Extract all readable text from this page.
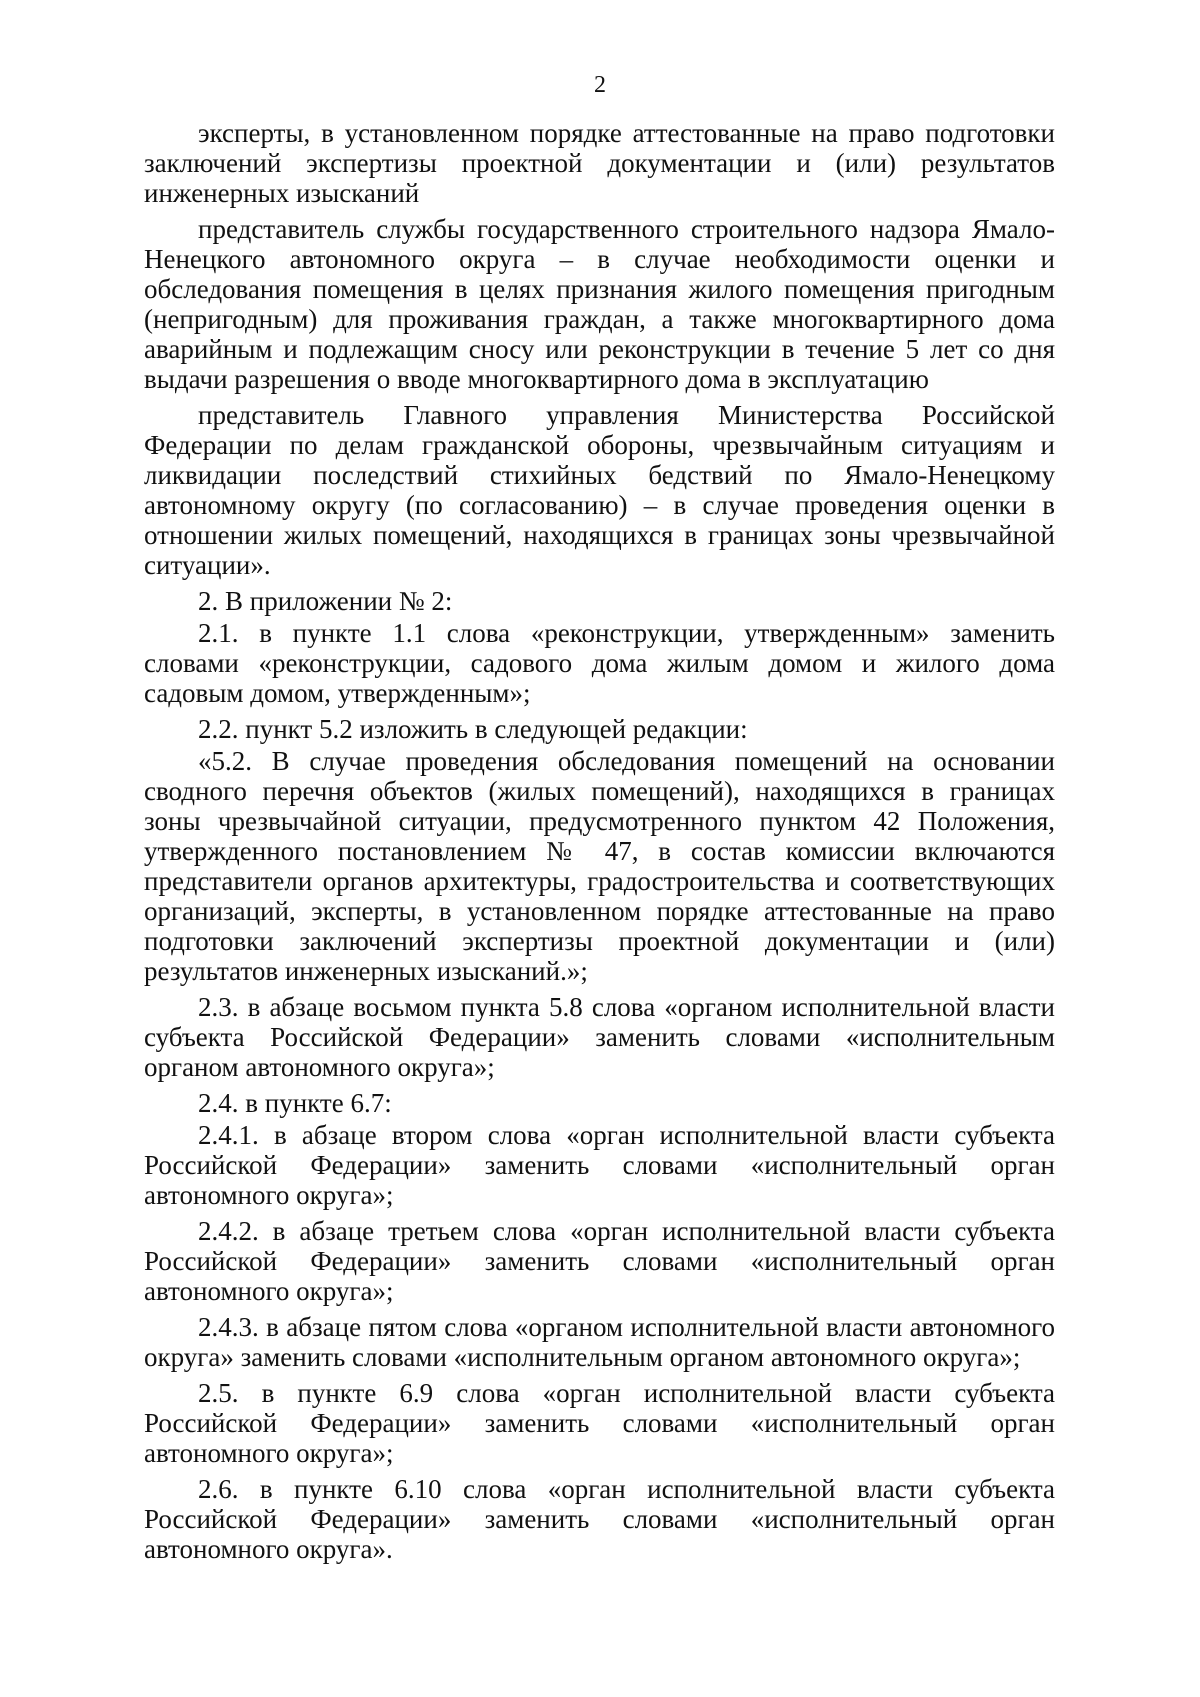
2

эксперты, в установленном порядке аттестованные на право подготовки заключений экспертизы проектной документации и (или) результатов инженерных изысканий

представитель службы государственного строительного надзора Ямало-Ненецкого автономного округа – в случае необходимости оценки и обследования помещения в целях признания жилого помещения пригодным (непригодным) для проживания граждан, а также многоквартирного дома аварийным и подлежащим сносу или реконструкции в течение 5 лет со дня выдачи разрешения о вводе многоквартирного дома в эксплуатацию

представитель Главного управления Министерства Российской Федерации по делам гражданской обороны, чрезвычайным ситуациям и ликвидации последствий стихийных бедствий по Ямало-Ненецкому автономному округу (по согласованию) – в случае проведения оценки в отношении жилых помещений, находящихся в границах зоны чрезвычайной ситуации».

2. В приложении № 2:

2.1. в пункте 1.1 слова «реконструкции, утвержденным» заменить словами «реконструкции, садового дома жилым домом и жилого дома садовым домом, утвержденным»;

2.2. пункт 5.2 изложить в следующей редакции:

«5.2. В случае проведения обследования помещений на основании сводного перечня объектов (жилых помещений), находящихся в границах зоны чрезвычайной ситуации, предусмотренного пунктом 42 Положения, утвержденного постановлением № 47, в состав комиссии включаются представители органов архитектуры, градостроительства и соответствующих организаций, эксперты, в установленном порядке аттестованные на право подготовки заключений экспертизы проектной документации и (или) результатов инженерных изысканий.»;

2.3. в абзаце восьмом пункта 5.8 слова «органом исполнительной власти субъекта Российской Федерации» заменить словами «исполнительным органом автономного округа»;

2.4. в пункте 6.7:

2.4.1. в абзаце втором слова «орган исполнительной власти субъекта Российской Федерации» заменить словами «исполнительный орган автономного округа»;

2.4.2. в абзаце третьем слова «орган исполнительной власти субъекта Российской Федерации» заменить словами «исполнительный орган автономного округа»;

2.4.3. в абзаце пятом слова «органом исполнительной власти автономного округа» заменить словами «исполнительным органом автономного округа»;

2.5. в пункте 6.9 слова «орган исполнительной власти субъекта Российской Федерации» заменить словами «исполнительный орган автономного округа»;

2.6. в пункте 6.10 слова «орган исполнительной власти субъекта Российской Федерации» заменить словами «исполнительный орган автономного округа».
